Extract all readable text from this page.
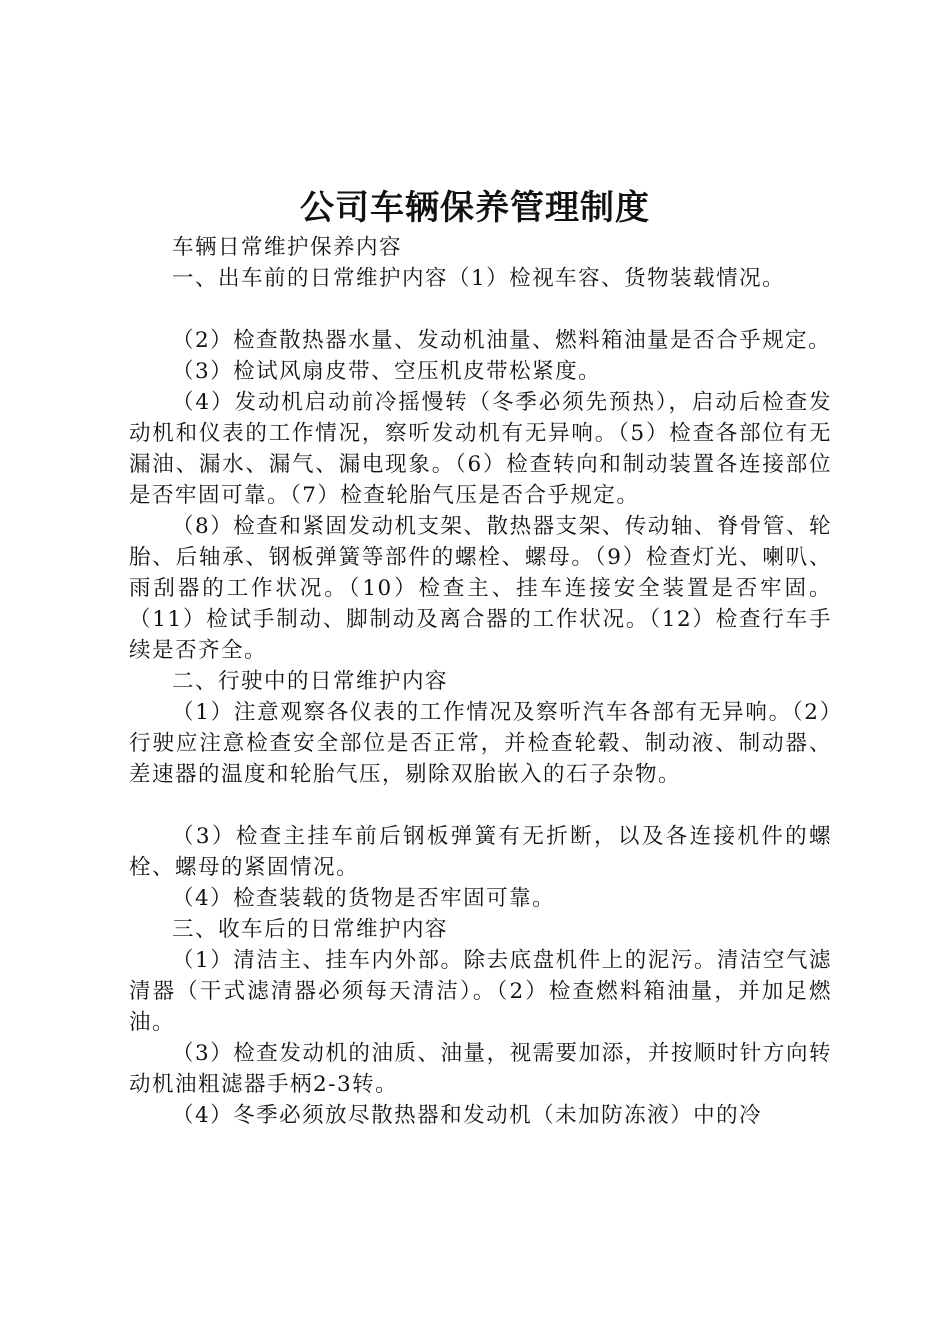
公司车辆保养管理制度

车辆日常维护保养内容

一、出车前的日常维护内容（1）检视车容、货物装载情况。

（2）检查散热器水量、发动机油量、燃料箱油量是否合乎规定。

（3）检试风扇皮带、空压机皮带松紧度。

（4）发动机启动前冷摇慢转（冬季必须先预热），启动后检查发动机和仪表的工作情况，察听发动机有无异响。（5）检查各部位有无漏油、漏水、漏气、漏电现象。（6）检查转向和制动装置各连接部位是否牢固可靠。（7）检查轮胎气压是否合乎规定。

（8）检查和紧固发动机支架、散热器支架、传动轴、脊骨管、轮胎、后轴承、钢板弹簧等部件的螺栓、螺母。（9）检查灯光、喇叭、雨刮器的工作状况。（10）检查主、挂车连接安全装置是否牢固。（11）检试手制动、脚制动及离合器的工作状况。（12）检查行车手续是否齐全。

二、行驶中的日常维护内容

（1）注意观察各仪表的工作情况及察听汽车各部有无异响。（2）行驶应注意检查安全部位是否正常，并检查轮毂、制动液、制动器、差速器的温度和轮胎气压，剔除双胎嵌入的石子杂物。

（3）检查主挂车前后钢板弹簧有无折断，以及各连接机件的螺栓、螺母的紧固情况。

（4）检查装载的货物是否牢固可靠。

三、收车后的日常维护内容

（1）清洁主、挂车内外部。除去底盘机件上的泥污。清洁空气滤清器（干式滤清器必须每天清洁）。（2）检查燃料箱油量，并加足燃油。

（3）检查发动机的油质、油量，视需要加添，并按顺时针方向转动机油粗滤器手柄2-3转。

（4）冬季必须放尽散热器和发动机（未加防冻液）中的冷
